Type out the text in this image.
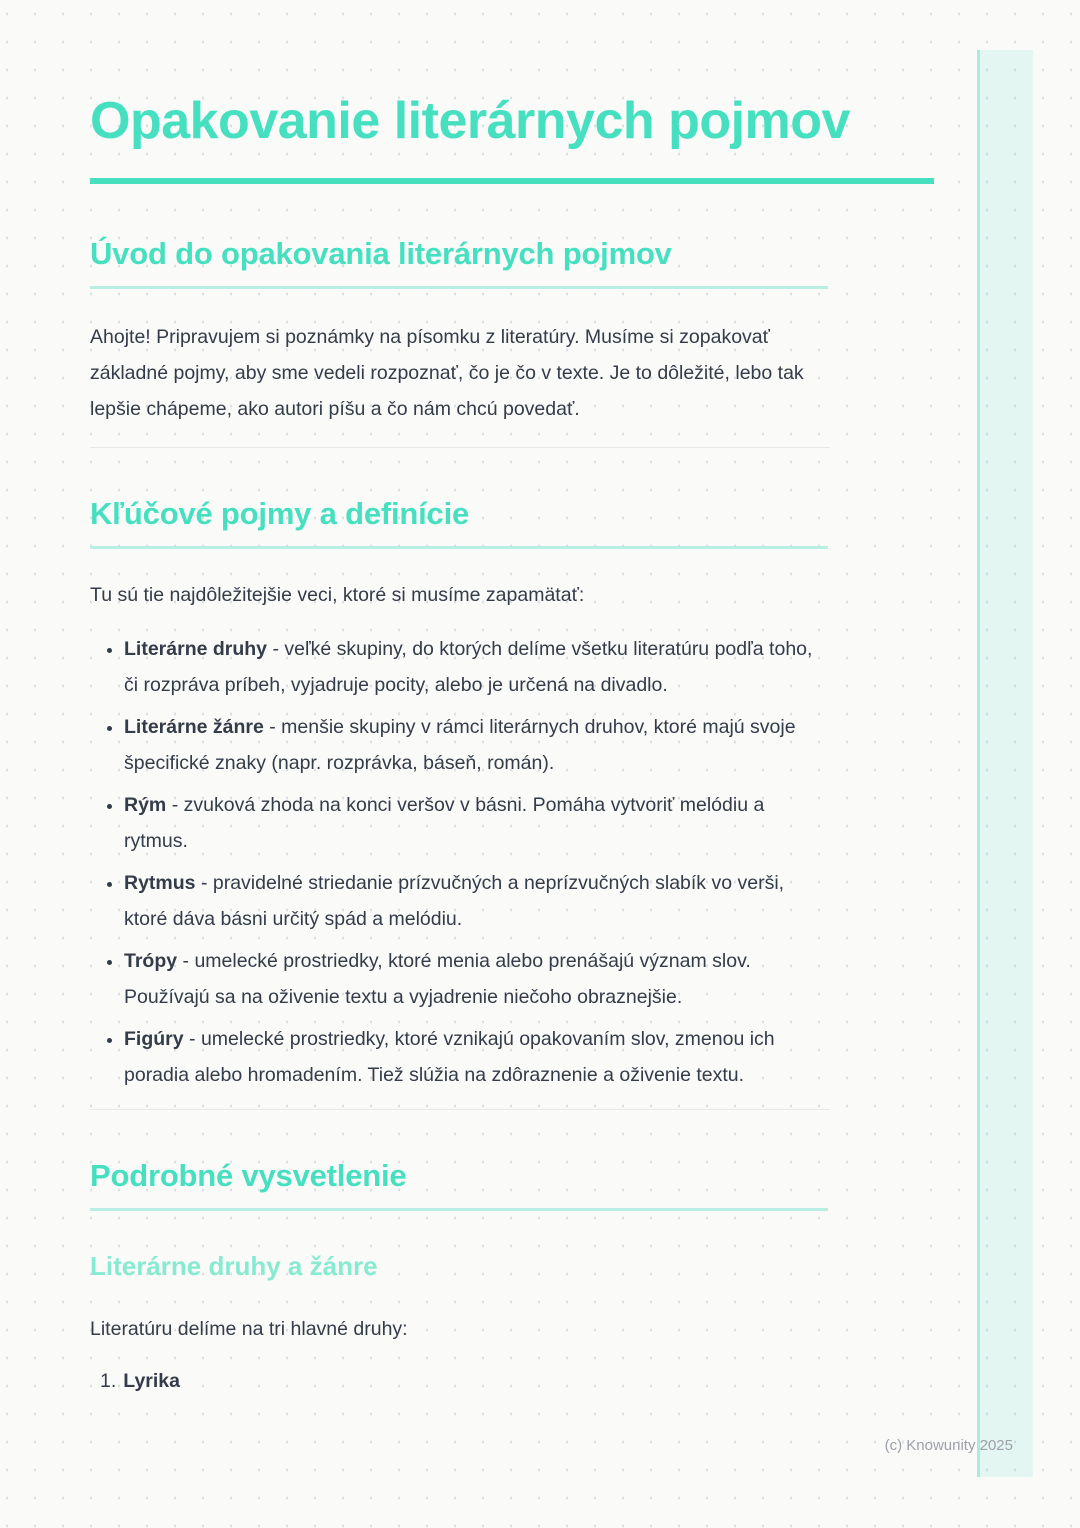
Opakovanie literárnych pojmov
Úvod do opakovania literárnych pojmov

Ahojte! Pripravujem si poznámky na písomku z literatúry. Musíme si zopakovať základné pojmy, aby sme vedeli rozpoznať, čo je čo v texte. Je to dôležité, lebo tak lepšie chápeme, ako autori píšu a čo nám chcú povedať.

Kľúčové pojmy a definície

Tu sú tie najdôležitejšie veci, ktoré si musíme zapamätať:

• Literárne druhy - veľké skupiny, do ktorých delíme všetku literatúru podľa toho, či rozpráva príbeh, vyjadruje pocity, alebo je určená na divadlo.
• Literárne žánre - menšie skupiny v rámci literárnych druhov, ktoré majú svoje špecifické znaky (napr. rozprávka, báseň, román).
• Rým - zvuková zhoda na konci veršov v básni. Pomáha vytvoriť melódiu a rytmus.
• Rytmus - pravidelné striedanie prízvučných a neprízvučných slabík vo verši, ktoré dáva básni určitý spád a melódiu.
• Trópy - umelecké prostriedky, ktoré menia alebo prenášajú význam slov. Používajú sa na oživenie textu a vyjadrenie niečoho obraznejšie.
• Figúry - umelecké prostriedky, ktoré vznikajú opakovaním slov, zmenou ich poradia alebo hromadením. Tiež slúžia na zdôraznenie a oživenie textu.
Podrobné vysvetlenie
Literárne druhy a žánre

Literatúru delíme na tri hlavné druhy:

1. Lyrika
(c) Knowunity 2025
